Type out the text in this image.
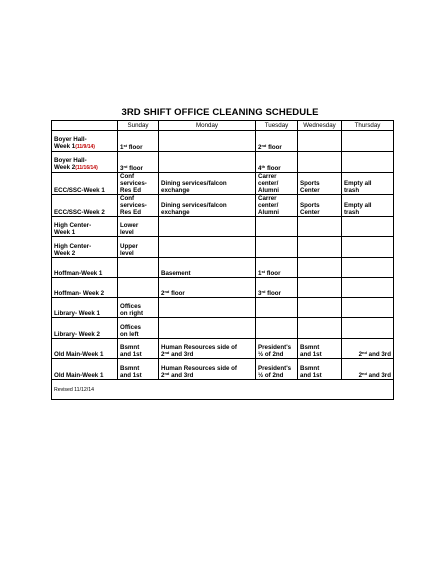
3RD SHIFT OFFICE CLEANING SCHEDULE
	Sunday	Monday	Tuesday	Wednesday	Thursday
Boyer Hall-
Week 1(11/9/14)	1st floor		2nd floor		
Boyer Hall-
Week 2(11/16/14)	3rd floor		4th floor		
ECC/SSC-Week 1	Conf
services-
Res Ed	Dining services/falcon
exchange	Carrer
center/
Alumni	Sports
Center	Empty all
trash
ECC/SSC-Week 2	Conf
services-
Res Ed	Dining services/falcon
exchange	Carrer
center/
Alumni	Sports
Center	Empty all
trash
High Center-
Week 1	Lower
level				
High Center-
Week 2	Upper
level				
Hoffman-Week 1		Basement	1st floor		
Hoffman- Week 2		2nd floor	3rd floor		
Library- Week 1	Offices
on right				
Library- Week 2	Offices
on left				
Old Main-Week 1	Bsmnt
and 1st	Human Resources side of
2nd and 3rd	President's
½ of 2nd	Bsmnt
and 1st	2nd and 3rd
Old Main-Week 1	Bsmnt
and 1st	Human Resources side of
2nd and 3rd	President's
½ of 2nd	Bsmnt
and 1st	2nd and 3rd
Revised 11/12/14					
